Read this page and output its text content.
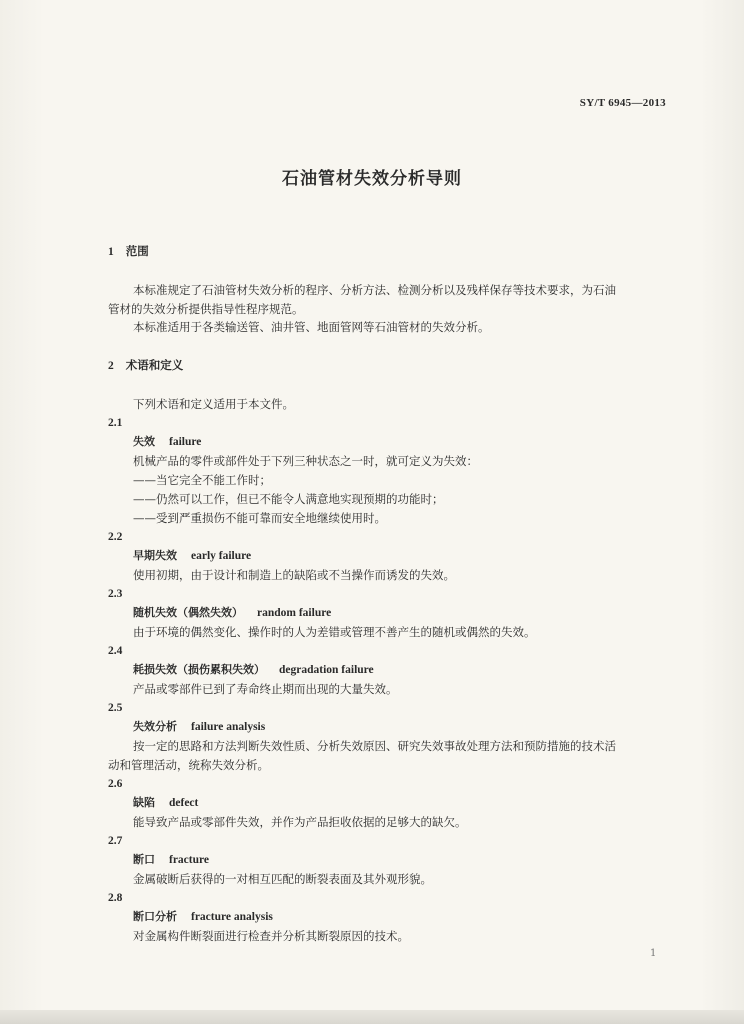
SY/T 6945—2013
石油管材失效分析导则
1 范围
本标准规定了石油管材失效分析的程序、分析方法、检测分析以及残样保存等技术要求，为石油
管材的失效分析提供指导性程序规范。
本标准适用于各类输送管、油井管、地面管网等石油管材的失效分析。
2 术语和定义
下列术语和定义适用于本文件。
2.1
失效 failure
机械产品的零件或部件处于下列三种状态之一时，就可定义为失效：
——当它完全不能工作时；
——仍然可以工作，但已不能令人满意地实现预期的功能时；
——受到严重损伤不能可靠而安全地继续使用时。
2.2
早期失效 early failure
使用初期，由于设计和制造上的缺陷或不当操作而诱发的失效。
2.3
随机失效（偶然失效） random failure
由于环境的偶然变化、操作时的人为差错或管理不善产生的随机或偶然的失效。
2.4
耗损失效（损伤累积失效） degradation failure
产品或零部件已到了寿命终止期而出现的大量失效。
2.5
失效分析 failure analysis
按一定的思路和方法判断失效性质、分析失效原因、研究失效事故处理方法和预防措施的技术活
动和管理活动，统称失效分析。
2.6
缺陷 defect
能导致产品或零部件失效，并作为产品拒收依据的足够大的缺欠。
2.7
断口 fracture
金属破断后获得的一对相互匹配的断裂表面及其外观形貌。
2.8
断口分析 fracture analysis
对金属构件断裂面进行检查并分析其断裂原因的技术。
1
